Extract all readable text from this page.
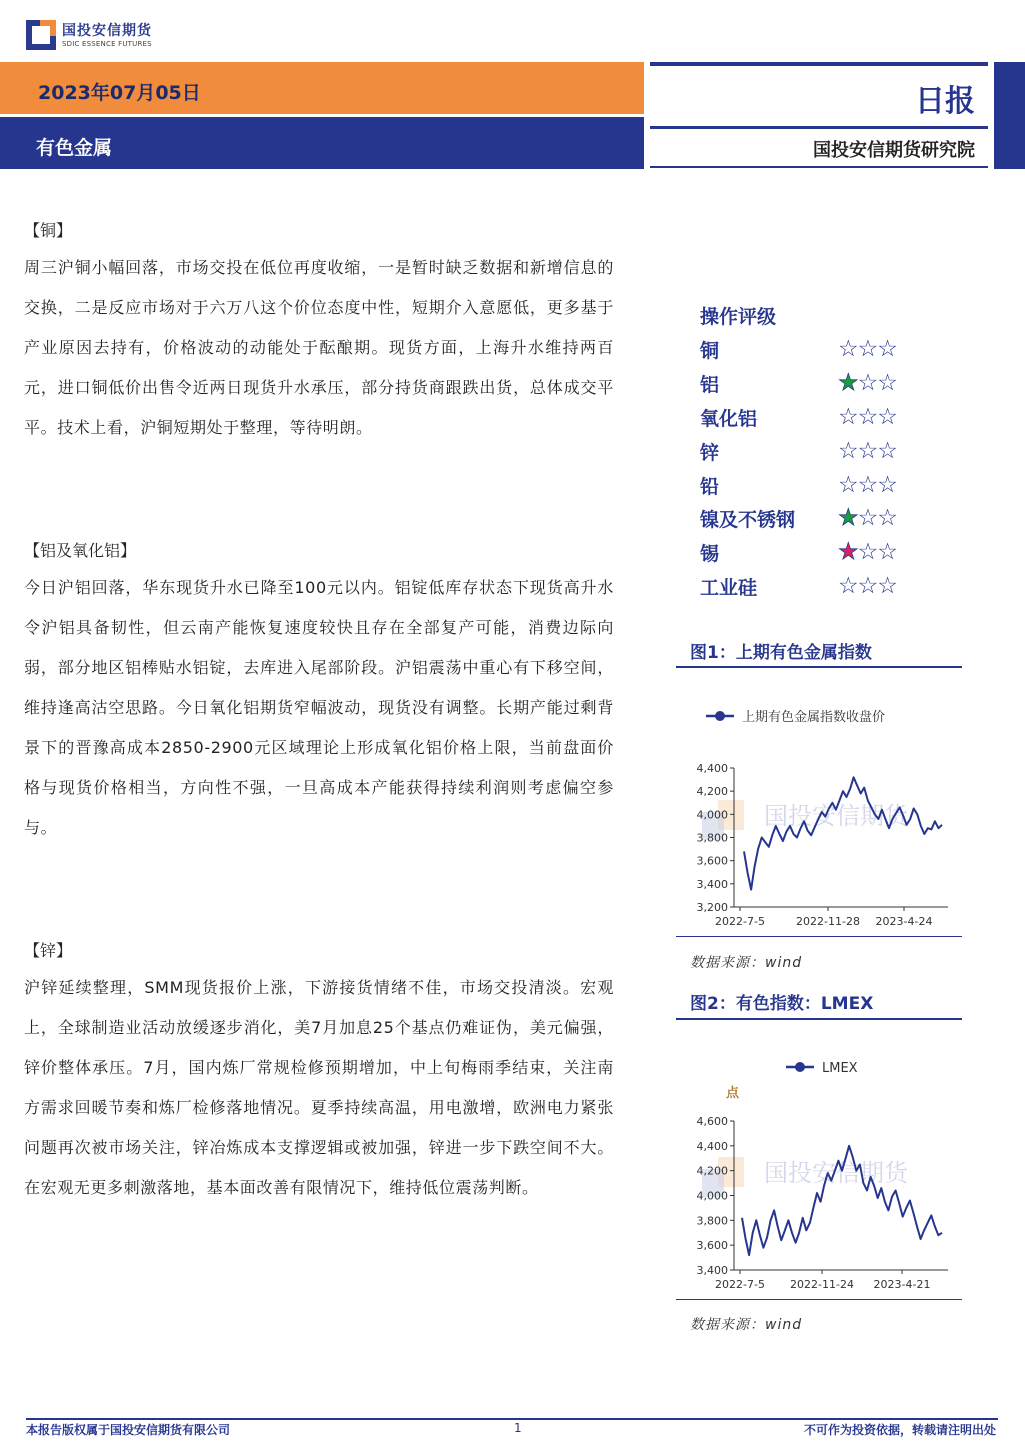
国投安信期货
SDIC ESSENCE FUTURES
2023年07月05日
有色金属
日报
国投安信期货研究院
【铜】
周三沪铜小幅回落，市场交投在低位再度收缩，一是暂时缺乏数据和新增信息的交换，二是反应市场对于六万八这个价位态度中性，短期介入意愿低，更多基于产业原因去持有，价格波动的动能处于酝酿期。现货方面，上海升水维持两百元，进口铜低价出售令近两日现货升水承压，部分持货商跟跌出货，总体成交平平。技术上看，沪铜短期处于整理，等待明朗。
【铝及氧化铝】
今日沪铝回落，华东现货升水已降至100元以内。铝锭低库存状态下现货高升水令沪铝具备韧性，但云南产能恢复速度较快且存在全部复产可能，消费边际向弱，部分地区铝棒贴水铝锭，去库进入尾部阶段。沪铝震荡中重心有下移空间，维持逢高沽空思路。今日氧化铝期货窄幅波动，现货没有调整。长期产能过剩背景下的晋豫高成本2850-2900元区域理论上形成氧化铝价格上限，当前盘面价格与现货价格相当，方向性不强，一旦高成本产能获得持续利润则考虑偏空参与。
【锌】
沪锌延续整理，SMM现货报价上涨，下游接货情绪不佳，市场交投清淡。宏观上，全球制造业活动放缓逐步消化，美7月加息25个基点仍难证伪，美元偏强，锌价整体承压。7月，国内炼厂常规检修预期增加，中上旬梅雨季结束，关注南方需求回暖节奏和炼厂检修落地情况。夏季持续高温，用电激增，欧洲电力紧张问题再次被市场关注，锌冶炼成本支撑逻辑或被加强，锌进一步下跌空间不大。在宏观无更多刺激落地，基本面改善有限情况下，维持低位震荡判断。
操作评级
铜	☆☆☆
铝	★☆☆
氧化铝	☆☆☆
锌	☆☆☆
铅	☆☆☆
镍及不锈钢 ★☆☆
锡	★☆☆
工业硅	☆☆☆
图1：上期有色金属指数
国投安信期货
上期有色金属指数收盘价
3,200
3,400
3,600
3,800
4,000
4,200
4,400
2022-7-5	2022-11-28 2023-4-24
数据来源：wind
图2：有色指数：LMEX
国投安信期货
LMEX
点
3,400
3,600
3,800
4,000
4,200
4,400
4,600
2022-7-5 2022-11-24 2023-4-21
数据来源：wind
本报告版权属于国投安信期货有限公司	1	不可作为投资依据，转载请注明出处
